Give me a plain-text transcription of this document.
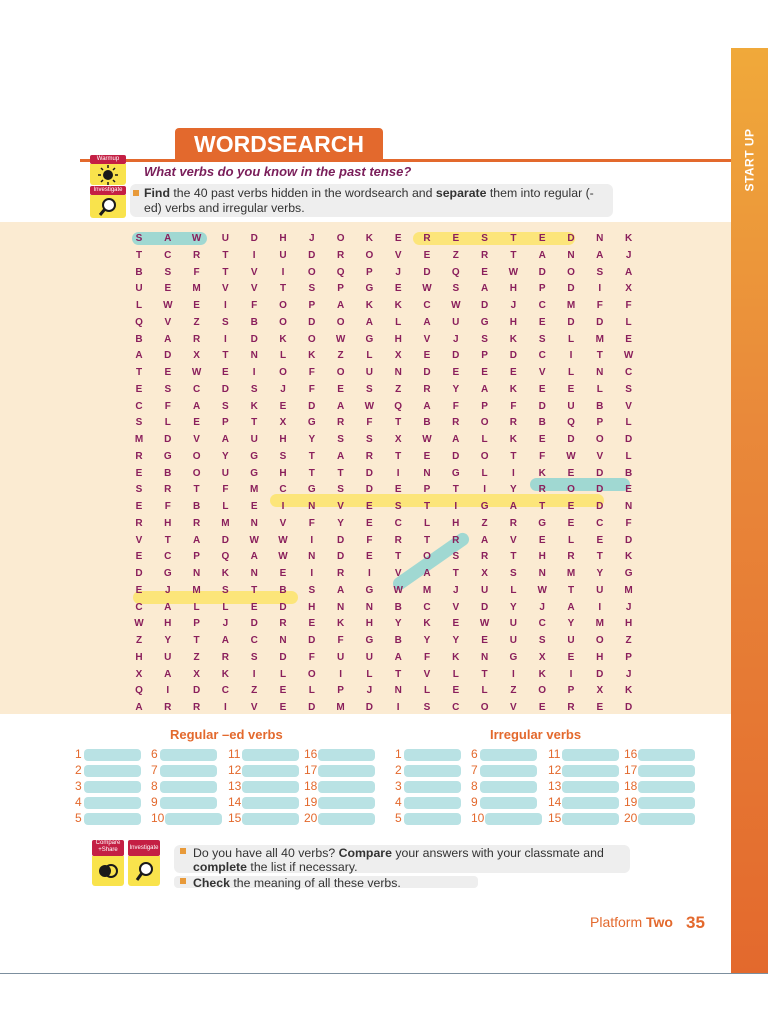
START UP
WORDSEARCH
Warmup
Investigate
What verbs do you know in the past tense?
Find the 40 past verbs hidden in the wordsearch and separate them into regular (-ed) verbs and irregular verbs.
S	A	W	U	D	H	J	O	K	E	R	E	S	T	E	D	N	K
T	C	R	T	I	U	D	R	O	V	E	Z	R	T	A	N	A	J
B	S	F	T	V	I	O	Q	P	J	D	Q	E	W	D	O	S	A
U	E	M	V	V	T	S	P	G	E	W	S	A	H	P	D	I	X
L	W	E	I	F	O	P	A	K	K	C	W	D	J	C	M	F	F
Q	V	Z	S	B	O	D	O	A	L	A	U	G	H	E	D	D	L
B	A	R	I	D	K	O	W	G	H	V	J	S	K	S	L	M	E
A	D	X	T	N	L	K	Z	L	X	E	D	P	D	C	I	T	W
T	E	W	E	I	O	F	O	U	N	D	E	E	E	V	L	N	C
E	S	C	D	S	J	F	E	S	Z	R	Y	A	K	E	E	L	S
C	F	A	S	K	E	D	A	W	Q	A	F	P	F	D	U	B	V
S	L	E	P	T	X	G	R	F	T	B	R	O	R	B	Q	P	L
M	D	V	A	U	H	Y	S	S	X	W	A	L	K	E	D	O	D
R	G	O	Y	G	S	T	A	R	T	E	D	O	T	F	W	V	L
E	B	O	U	G	H	T	T	D	I	N	G	L	I	K	E	D	B
S	R	T	F	M	C	G	S	D	E	P	T	I	Y	R	O	D	E
E	F	B	L	E	I	N	V	E	S	T	I	G	A	T	E	D	N
R	H	R	M	N	V	F	Y	E	C	L	H	Z	R	G	E	C	F
V	T	A	D	W	W	I	D	F	R	T	R	A	V	E	L	E	D
E	C	P	Q	A	W	N	D	E	T	O	S	R	T	H	R	T	K
D	G	N	K	N	E	I	R	I	V	A	T	X	S	N	M	Y	G
E	J	M	S	T	B	S	A	G	W	M	J	U	L	W	T	U	M
C	A	L	L	E	D	H	N	N	B	C	V	D	Y	J	A	I	J
W	H	P	J	D	R	E	K	H	Y	K	E	W	U	C	Y	M	H
Z	Y	T	A	C	N	D	F	G	B	Y	Y	E	U	S	U	O	Z
H	U	Z	R	S	D	F	U	U	A	F	K	N	G	X	E	H	P
X	A	X	K	I	L	O	I	L	T	V	L	T	I	K	I	D	J
Q	I	D	C	Z	E	L	P	J	N	L	E	L	Z	O	P	X	K
A	R	R	I	V	E	D	M	D	I	S	C	O	V	E	R	E	D
Regular –ed verbs	Irregular verbs
1
2
3
4
5
6
7
8
9
10
11
12
13
14
15
16
17
18
19
20
1
2
3
4
5
6
7
8
9
10
11
12
13
14
15
16
17
18
19
20
Compare +Share	Investigate	Do you have all 40 verbs? Compare your answers with your classmate and complete the list if necessary.
Check the meaning of all these verbs.
Platform Two 35
